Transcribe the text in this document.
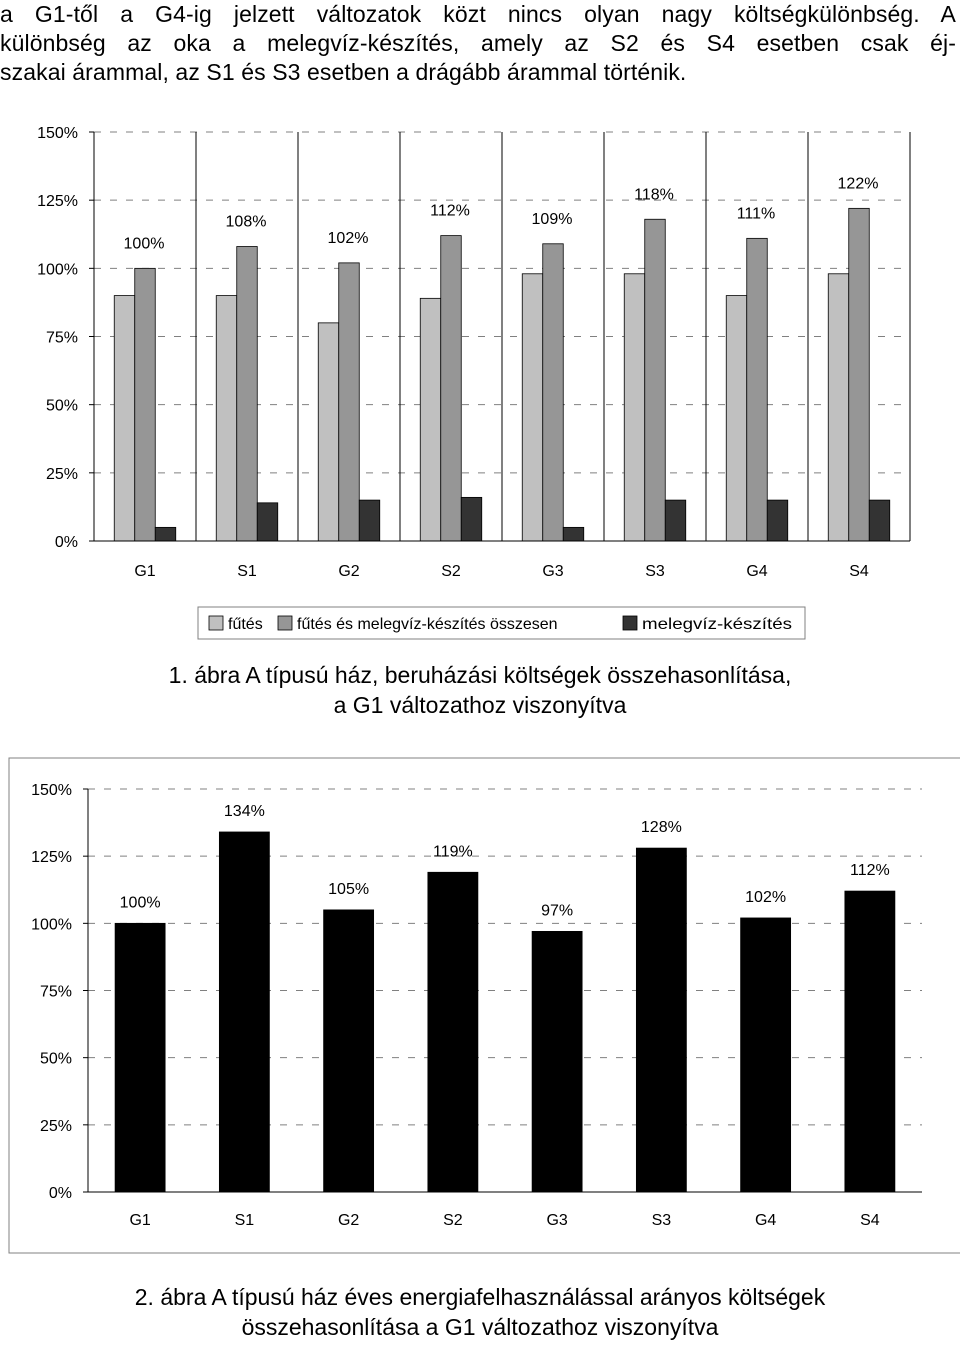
a G1-től a G4-ig jelzett változatok közt nincs olyan nagy költségkülönbség. A
különbség az oka a melegvíz-készítés, amely az S2 és S4 esetben csak éj-
szakai árammal, az S1 és S3 esetben a drágább árammal történik.
0%
25%
50%
75%
100%
125%
150%
G1	S1	G2	S2	G3	S3	G4	S4
100%
108%
102%
112%	109%
118%
111%
122%
fűtés fűtés és melegvíz-készítés összesen	melegvíz-készítés
1. ábra A típusú ház, beruházási költségek összehasonlítása,
a G1 változathoz viszonyítva
0%
25%
50%
75%
100%
125%
150%
G1	S1	G2	S2	G3	S3	G4	S4
100%
134%
105%
119%
97%
128%
102%
112%
2. ábra A típusú ház éves energiafelhasználással arányos költségek
összehasonlítása a G1 változathoz viszonyítva
